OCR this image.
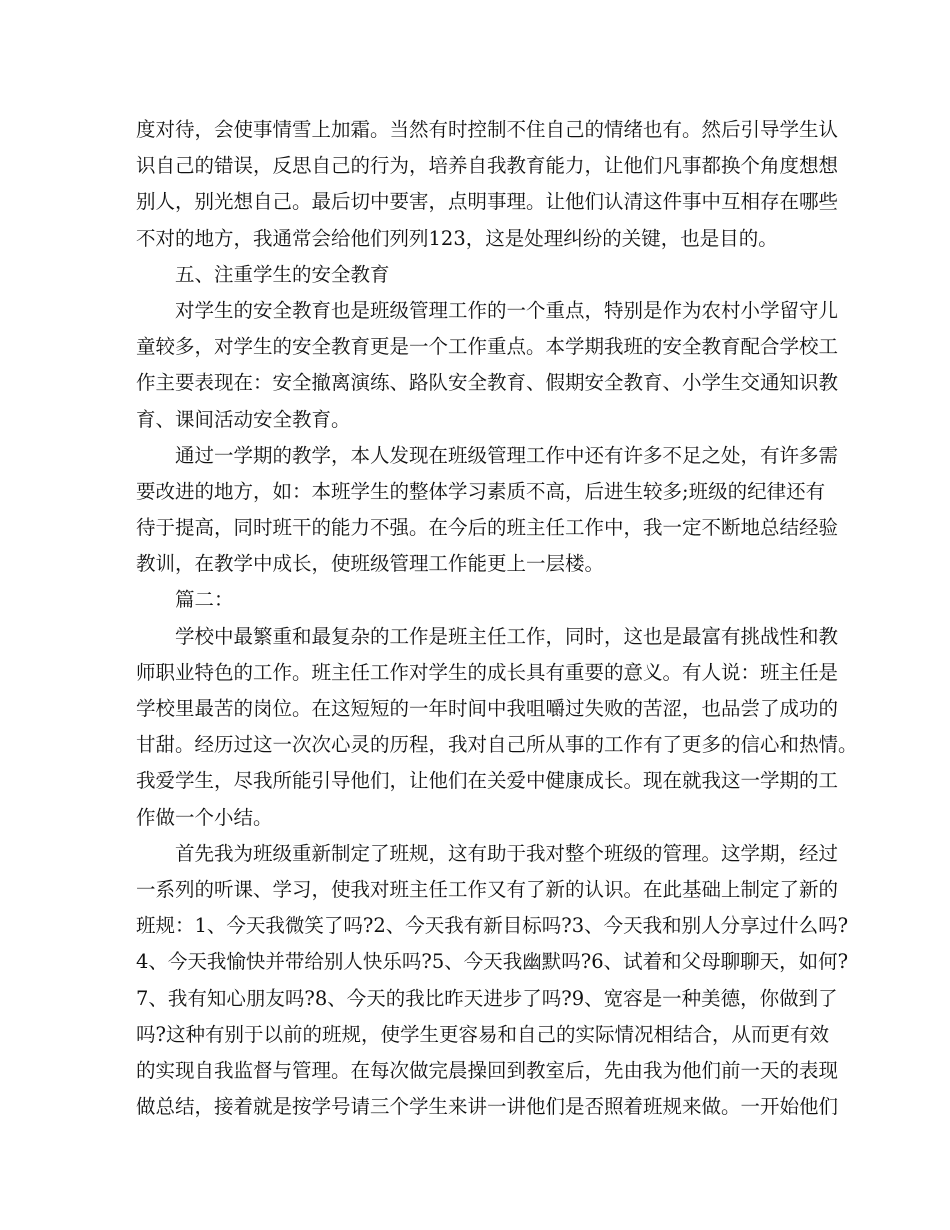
度对待，会使事情雪上加霜。当然有时控制不住自己的情绪也有。然后引导学生认
识自己的错误，反思自己的行为，培养自我教育能力，让他们凡事都换个角度想想
别人，别光想自己。最后切中要害，点明事理。让他们认清这件事中互相存在哪些
不对的地方，我通常会给他们列列123，这是处理纠纷的关键，也是目的。
五、注重学生的安全教育
对学生的安全教育也是班级管理工作的一个重点，特别是作为农村小学留守儿
童较多，对学生的安全教育更是一个工作重点。本学期我班的安全教育配合学校工
作主要表现在：安全撤离演练、路队安全教育、假期安全教育、小学生交通知识教
育、课间活动安全教育。
通过一学期的教学，本人发现在班级管理工作中还有许多不足之处，有许多需
要改进的地方，如：本班学生的整体学习素质不高，后进生较多;班级的纪律还有
待于提高，同时班干的能力不强。在今后的班主任工作中，我一定不断地总结经验
教训，在教学中成长，使班级管理工作能更上一层楼。
篇二：
学校中最繁重和最复杂的工作是班主任工作，同时，这也是最富有挑战性和教
师职业特色的工作。班主任工作对学生的成长具有重要的意义。有人说：班主任是
学校里最苦的岗位。在这短短的一年时间中我咀嚼过失败的苦涩，也品尝了成功的
甘甜。经历过这一次次心灵的历程，我对自己所从事的工作有了更多的信心和热情。
我爱学生，尽我所能引导他们，让他们在关爱中健康成长。现在就我这一学期的工
作做一个小结。
首先我为班级重新制定了班规，这有助于我对整个班级的管理。这学期，经过
一系列的听课、学习，使我对班主任工作又有了新的认识。在此基础上制定了新的
班规：1、今天我微笑了吗?2、今天我有新目标吗?3、今天我和别人分享过什么吗?
4、今天我愉快并带给别人快乐吗?5、今天我幽默吗?6、试着和父母聊聊天，如何?
7、我有知心朋友吗?8、今天的我比昨天进步了吗?9、宽容是一种美德，你做到了
吗?这种有别于以前的班规，使学生更容易和自己的实际情况相结合，从而更有效
的实现自我监督与管理。在每次做完晨操回到教室后，先由我为他们前一天的表现
做总结，接着就是按学号请三个学生来讲一讲他们是否照着班规来做。一开始他们
